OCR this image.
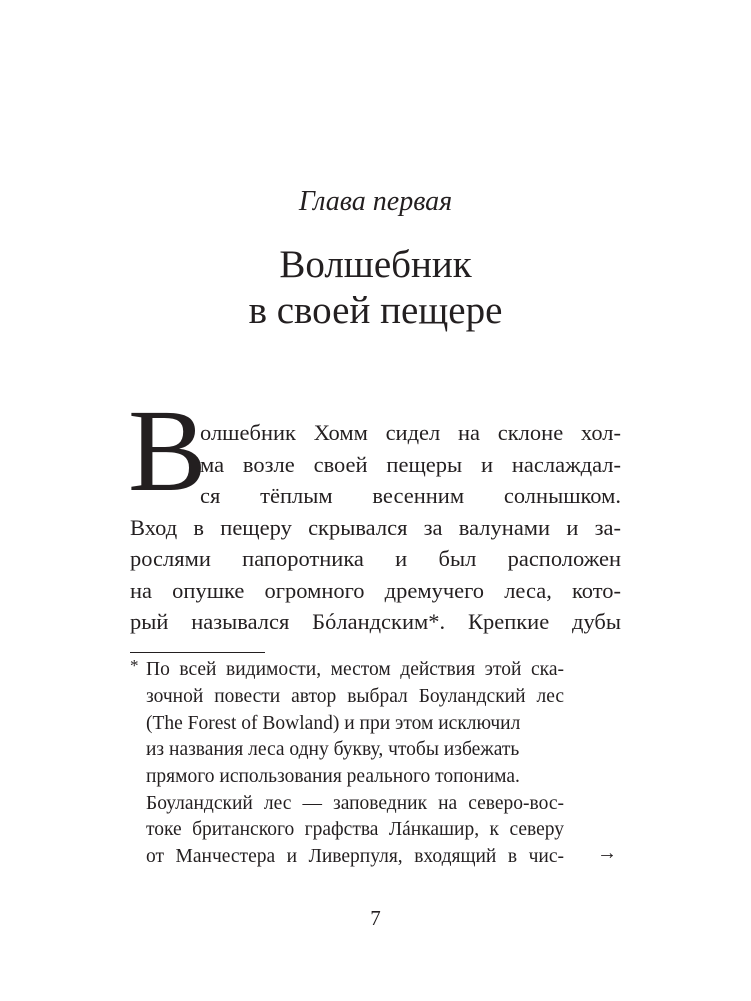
Глава первая
Волшебник
в своей пещере
В
олшебник Хомм сидел на склоне хол-
ма возле своей пещеры и наслаждал-
ся тёплым весенним солнышком.
Вход в пещеру скрывался за валунами и за-
рослями папоротника и был расположен
на опушке огромного дремучего леса, кото-
рый назывался Бóландским*. Крепкие дубы
* По всей видимости, местом действия этой ска-
зочной повести автор выбрал Боуландский лес
(The Forest of Bowland) и при этом исключил
из названия леса одну букву, чтобы избежать
прямого использования реального топонима.
Боуландский лес — заповедник на северо-вос-
токе британского графства Лáнкашир, к северу
от Манчестера и Ливерпуля, входящий в чис- →
7
